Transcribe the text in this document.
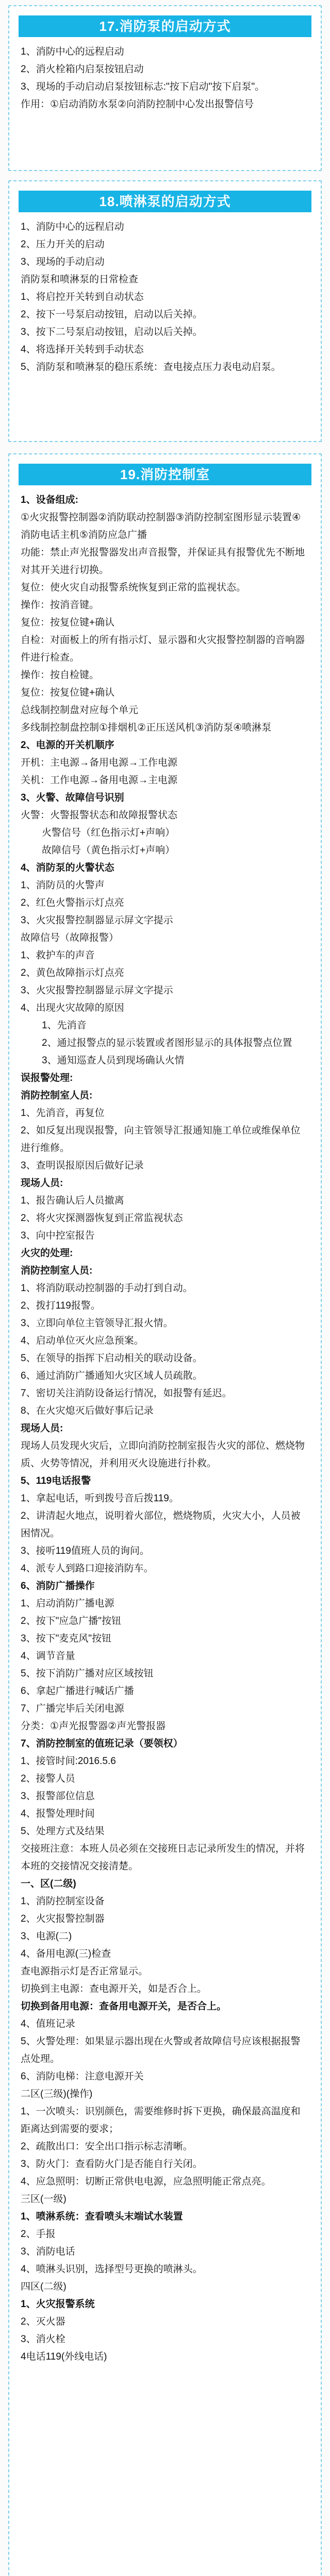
17.消防泵的启动方式
1、消防中心的远程启动
2、消火栓箱内启泵按钮启动
3、现场的手动启动启泵按钮标志:"按下启动"按下启泵"。
作用：①启动消防水泵②向消防控制中心发出报警信号
18.喷淋泵的启动方式
1、消防中心的远程启动
2、压力开关的启动
3、现场的手动启动
消防泵和喷淋泵的日常检查
1、将启控开关转到自动状态
2、按下一号泵启动按钮，启动以后关掉。
3、按下二号泵启动按钮，启动以后关掉。
4、将选择开关转到手动状态
5、消防泵和喷淋泵的稳压系统：查电接点压力表电动启泵。
19.消防控制室
1、设备组成:
①火灾报警控制器②消防联动控制器③消防控制室图形显示装置④消防电话主机⑤消防应急广播
功能：禁止声光报警器发出声音报警，并保证具有报警优先不断地对其开关进行切换。
复位：使火灾自动报警系统恢复到正常的监视状态。
操作：按消音键。
复位：按复位键+确认
自检：对面板上的所有指示灯、显示器和火灾报警控制器的音响器件进行检查。
操作：按自检键。
复位：按复位键+确认
总线制控制盘对应每个单元
多线制控制盘控制①排烟机②正压送风机③消防泵④喷淋泵
2、电源的开关机顺序
开机：主电源→备用电源→工作电源
关机：工作电源→备用电源→主电源
3、火警、故障信号识别
火警：火警报警状态和故障报警状态
　火警信号（红色指示灯+声响）
　故障信号（黄色指示灯+声响）
4、消防泵的火警状态
1、消防员的火警声
2、红色火警指示灯点亮
3、火灾报警控制器显示屏文字提示
故障信号（故障报警）
1、救护车的声音
2、黄色故障指示灯点亮
3、火灾报警控制器显示屏文字提示
4、出现火灾故障的原因
　1、先消音
　2、通过报警点的显示装置或者图形显示的具体报警点位置
　3、通知巡查人员到现场确认火情
误报警处理:
消防控制室人员:
1、先消音，再复位
2、如反复出现误报警，向主管领导汇报通知施工单位或维保单位进行维修。
3、查明误报原因后做好记录
现场人员:
1、报告确认后人员撤离
2、将火灾探测器恢复到正常监视状态
3、向中控室报告
火灾的处理:
消防控制室人员:
1、将消防联动控制器的手动打到自动。
2、拨打119报警。
3、立即向单位主管领导汇报火情。
4、启动单位灭火应急预案。
5、在领导的指挥下启动相关的联动设备。
6、通过消防广播通知火灾区域人员疏散。
7、密切关注消防设备运行情况，如报警有延迟。
8、在火灾熄灭后做好事后记录
现场人员:
现场人员发现火灾后，立即向消防控制室报告火灾的部位、燃烧物质、火势等情况，并利用灭火设施进行扑救。
5、119电话报警
1、拿起电话，听到拨号音后拨119。
2、讲清起火地点，说明着火部位，燃烧物质，火灾大小，人员被困情况。
3、接听119值班人员的询问。
4、派专人到路口迎接消防车。
6、消防广播操作
1、启动消防广播电源
2、按下"应急广播"按钮
3、按下"麦克风"按钮
4、调节音量
5、按下消防广播对应区域按钮
6、拿起广播进行喊话广播
7、广播完毕后关闭电源
分类：①声光报警器②声光警报器
7、消防控制室的值班记录（要领权）
1、接管时间:2016.5.6
2、接警人员
3、报警部位信息
4、报警处理时间
5、处理方式及结果
交接班注意：本班人员必须在交接班日志记录所发生的情况，并将本班的交接情况交接清楚。
一、区(二级)
1、消防控制室设备
2、火灾报警控制器
3、电源(二)
4、备用电源(三)检查
查电源指示灯是否正常显示。
切换到主电源：查电源开关，如是否合上。
切换到备用电源：查备用电源开关，是否合上。
4、值班记录
5、火警处理：如果显示器出现在火警或者故障信号应该根据报警点处理。
6、消防电梯：注意电源开关
二区(三级)(操作)
1、一次喷头：识别颜色，需要维修时拆下更换，确保最高温度和距离达到需要的要求；
2、疏散出口：安全出口指示标志清晰。
3、防火门：查看防火门是否能自行关闭。
4、应急照明：切断正常供电电源，应急照明能正常点亮。
三区(一级)
1、喷淋系统：查看喷头末端试水装置
2、手报
3、消防电话
4、喷淋头识别，选择型号更换的喷淋头。
四区(二级)
1、火灾报警系统
2、灭火器
3、消火栓
4电话119(外线电话)
